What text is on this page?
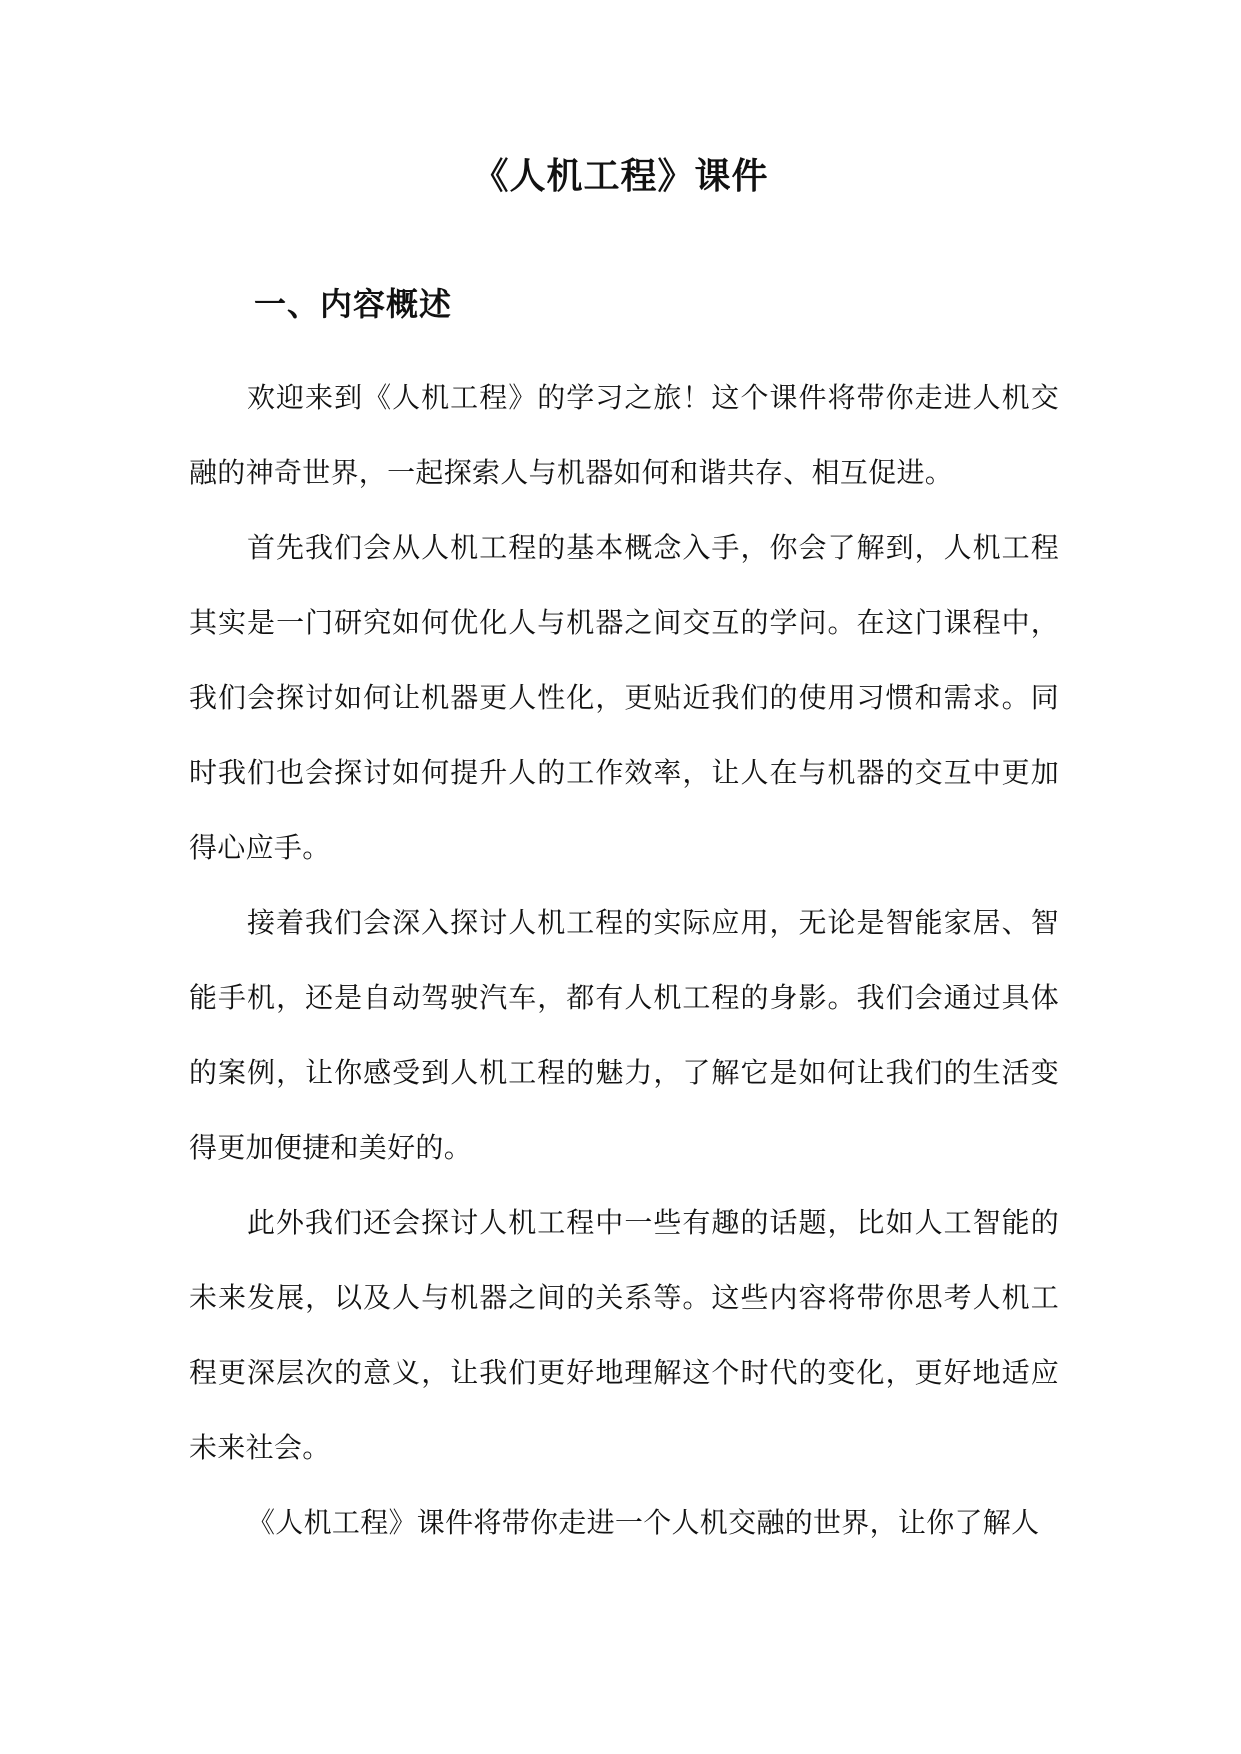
《人机工程》课件
一、内容概述

欢迎来到《人机工程》的学习之旅！这个课件将带你走进人机交融的神奇世界，一起探索人与机器如何和谐共存、相互促进。

首先我们会从人机工程的基本概念入手，你会了解到，人机工程其实是一门研究如何优化人与机器之间交互的学问。在这门课程中，我们会探讨如何让机器更人性化，更贴近我们的使用习惯和需求。同时我们也会探讨如何提升人的工作效率，让人在与机器的交互中更加得心应手。

接着我们会深入探讨人机工程的实际应用，无论是智能家居、智能手机，还是自动驾驶汽车，都有人机工程的身影。我们会通过具体的案例，让你感受到人机工程的魅力，了解它是如何让我们的生活变得更加便捷和美好的。

此外我们还会探讨人机工程中一些有趣的话题，比如人工智能的未来发展，以及人与机器之间的关系等。这些内容将带你思考人机工程更深层次的意义，让我们更好地理解这个时代的变化，更好地适应未来社会。

《人机工程》课件将带你走进一个人机交融的世界，让你了解人
